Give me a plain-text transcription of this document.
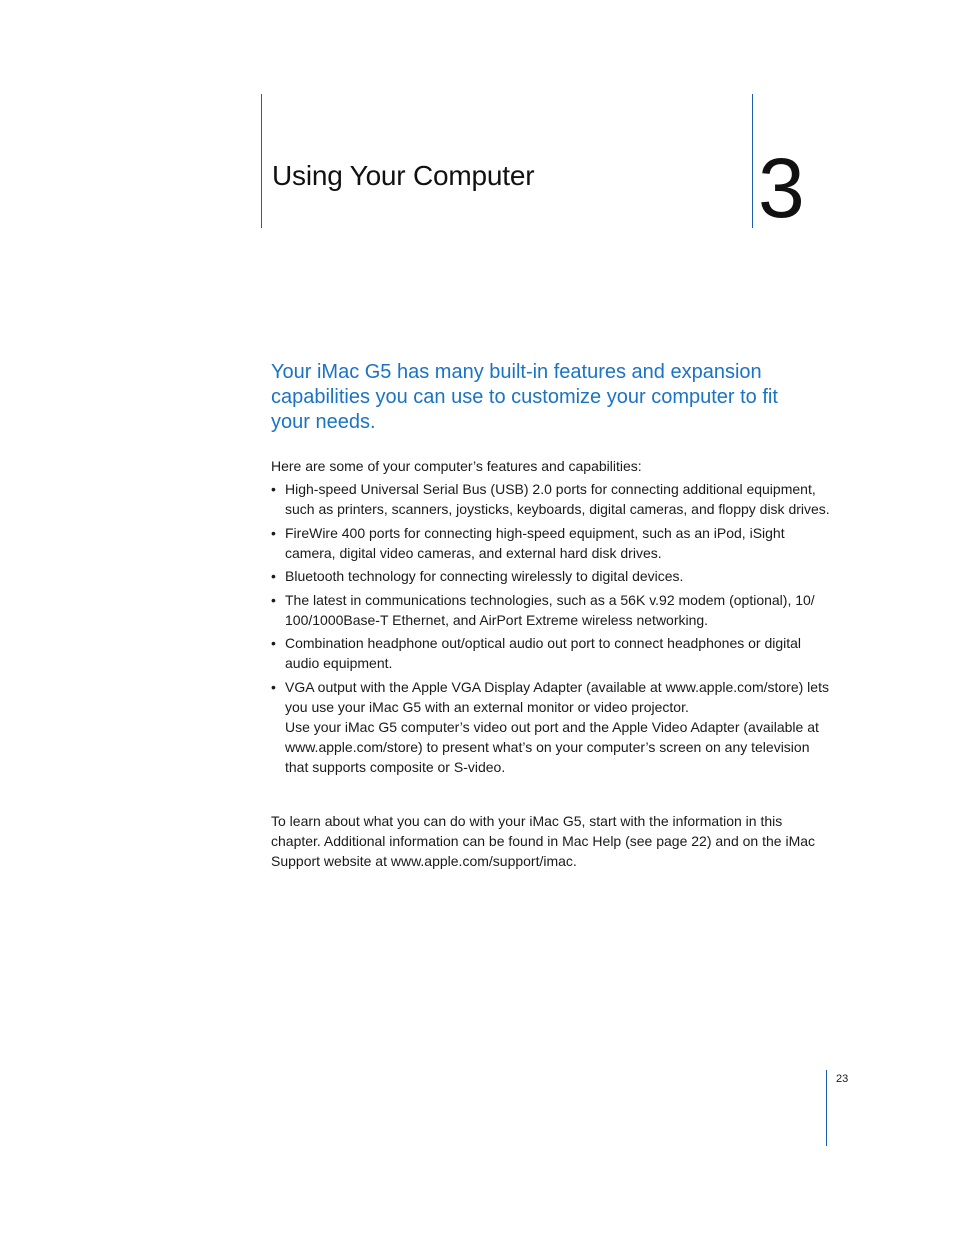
Using Your Computer	3
Your iMac G5 has many built-in features and expansion capabilities you can use to customize your computer to fit your needs.

Here are some of your computer’s features and capabilities:

• High-speed Universal Serial Bus (USB) 2.0 ports for connecting additional equipment, such as printers, scanners, joysticks, keyboards, digital cameras, and floppy disk drives.
• FireWire 400 ports for connecting high-speed equipment, such as an iPod, iSight camera, digital video cameras, and external hard disk drives.
• Bluetooth technology for connecting wirelessly to digital devices.
• The latest in communications technologies, such as a 56K v.92 modem (optional), 10/ 100/1000Base-T Ethernet, and AirPort Extreme wireless networking.
• Combination headphone out/optical audio out port to connect headphones or digital audio equipment.
• VGA output with the Apple VGA Display Adapter (available at www.apple.com/store) lets you use your iMac G5 with an external monitor or video projector.
Use your iMac G5 computer’s video out port and the Apple Video Adapter (available at www.apple.com/store) to present what’s on your computer’s screen on any television that supports composite or S-video.

To learn about what you can do with your iMac G5, start with the information in this chapter. Additional information can be found in Mac Help (see page 22) and on the iMac Support website at www.apple.com/support/imac.

23
